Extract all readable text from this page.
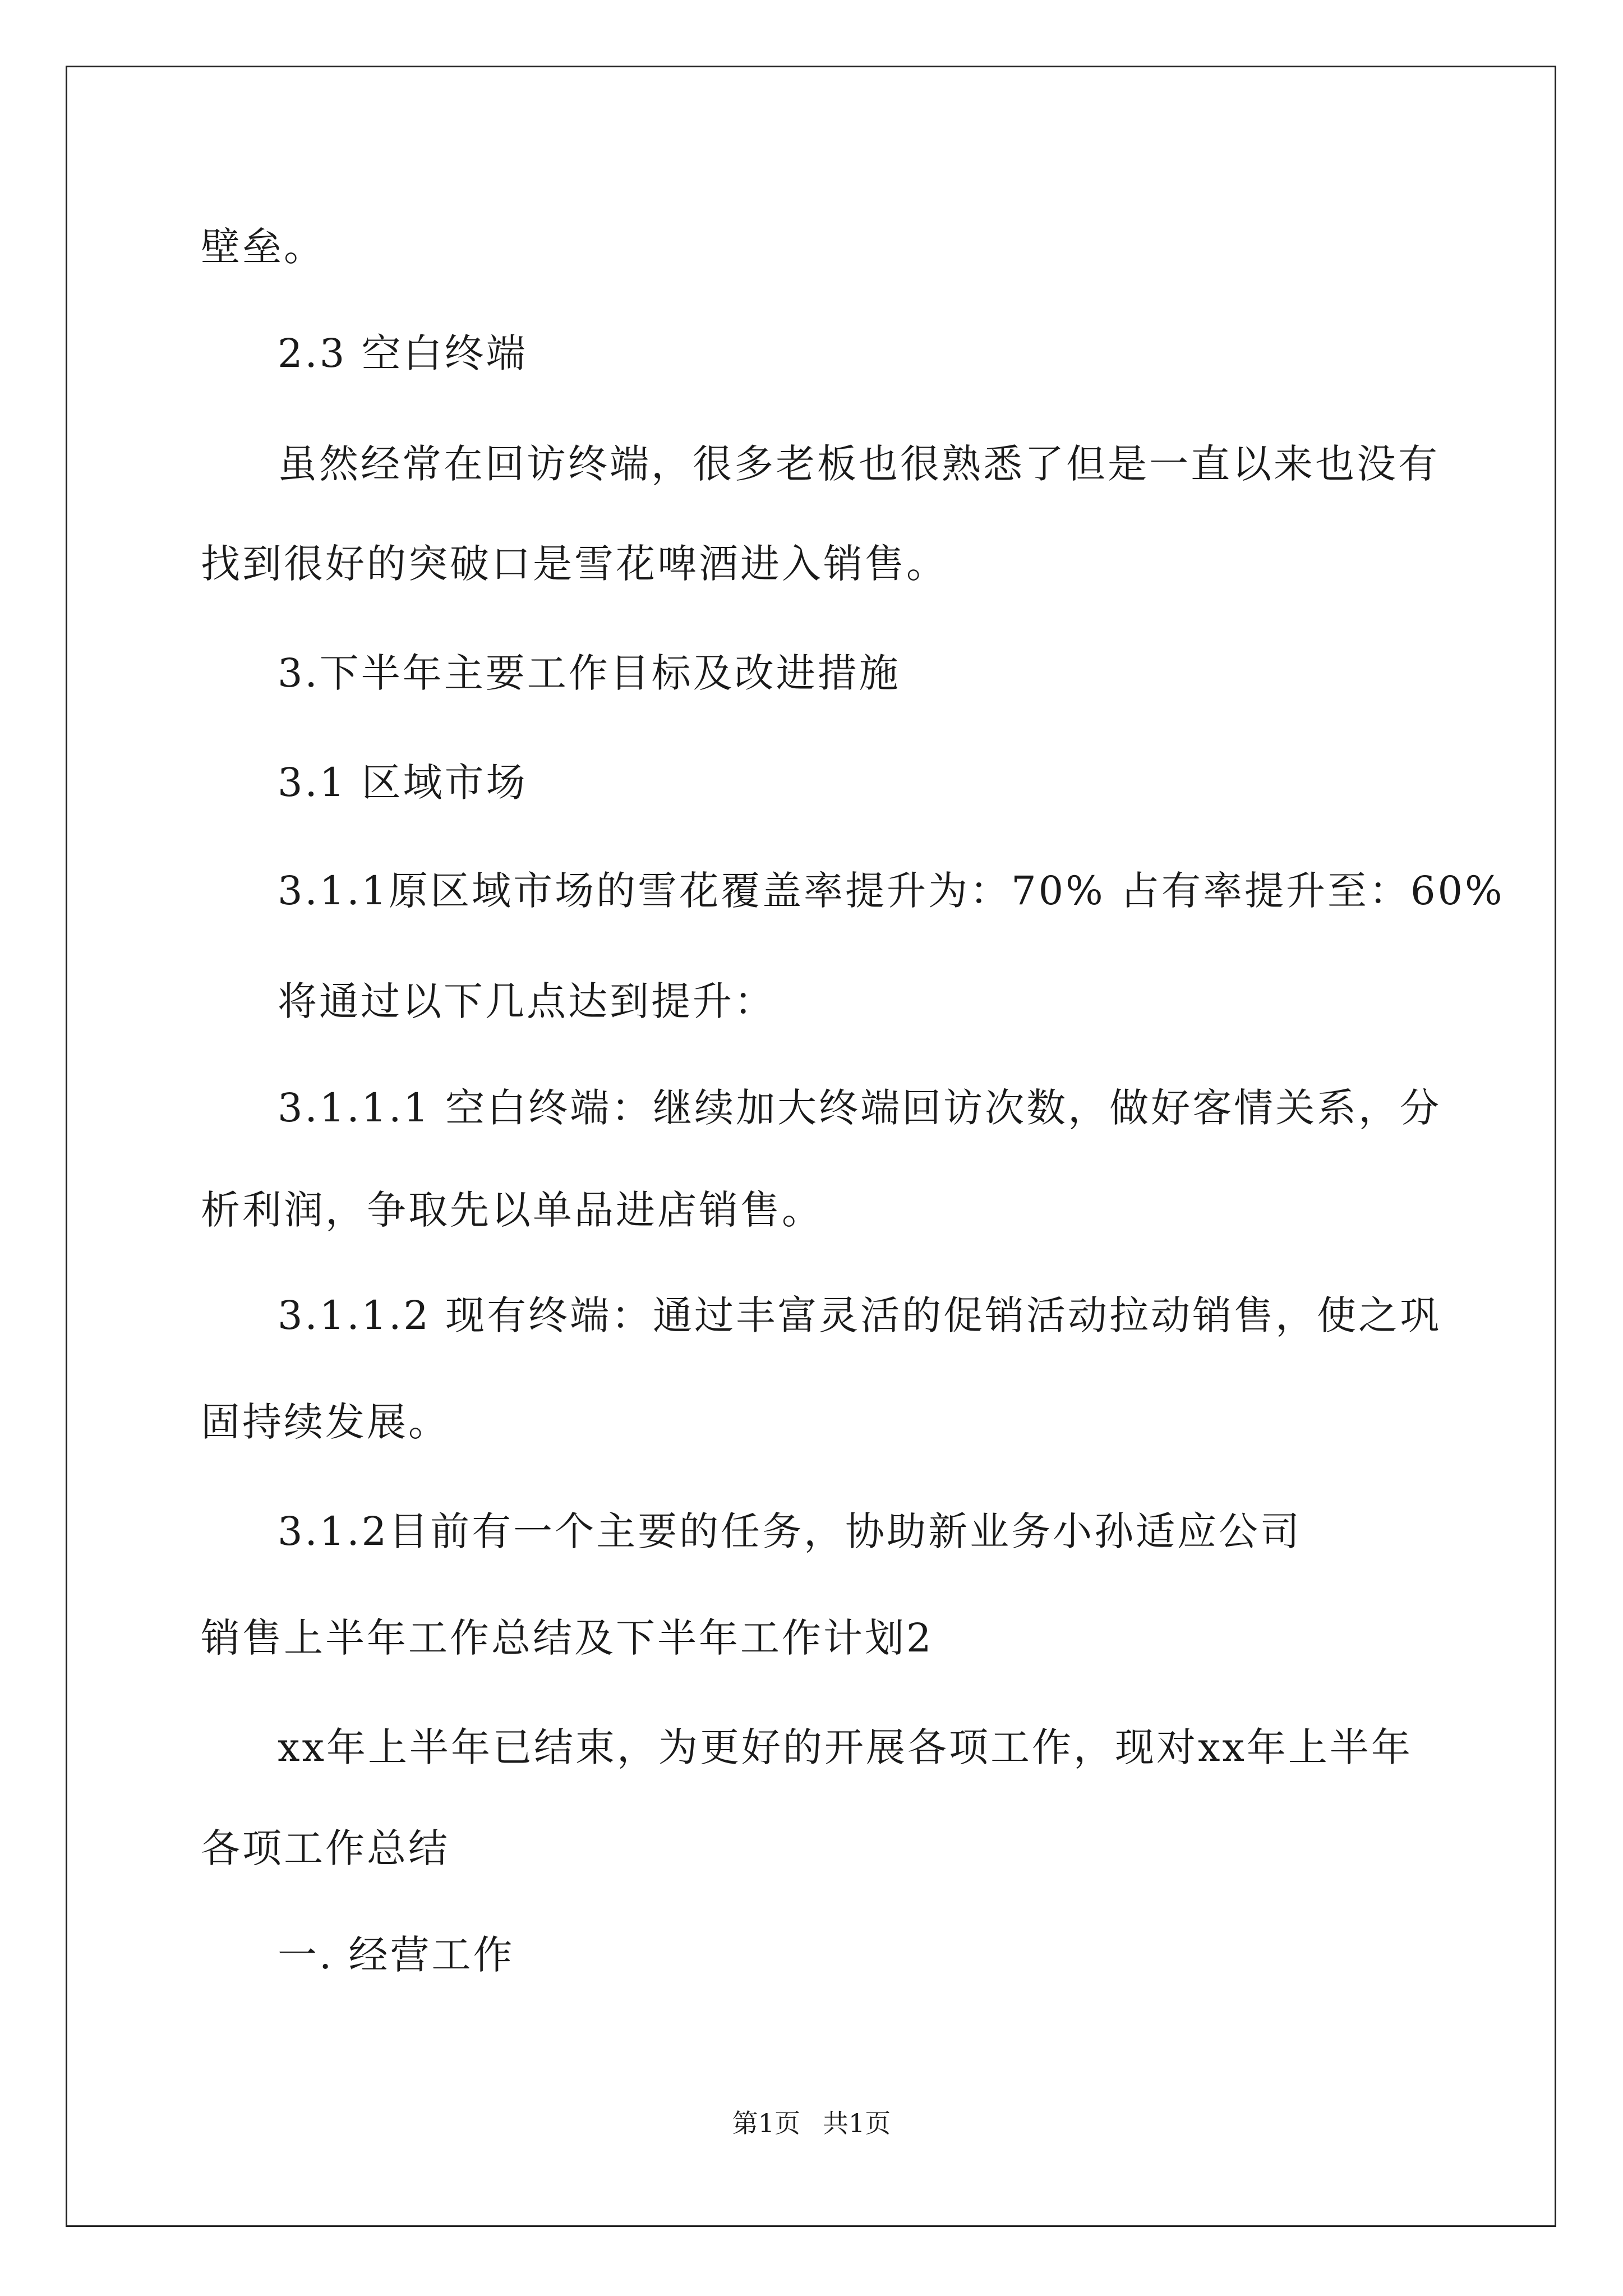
壁垒。
2.3 空白终端
虽然经常在回访终端，很多老板也很熟悉了但是一直以来也没有
找到很好的突破口是雪花啤酒进入销售。
3.下半年主要工作目标及改进措施
3.1 区域市场
3.1.1原区域市场的雪花覆盖率提升为：70% 占有率提升至：60%
将通过以下几点达到提升：
3.1.1.1 空白终端：继续加大终端回访次数，做好客情关系，分
析利润，争取先以单品进店销售。
3.1.1.2 现有终端：通过丰富灵活的促销活动拉动销售，使之巩
固持续发展。
3.1.2目前有一个主要的任务，协助新业务小孙适应公司
销售上半年工作总结及下半年工作计划2
xx年上半年已结束，为更好的开展各项工作，现对xx年上半年
各项工作总结
一. 经营工作
第1页 共1页
